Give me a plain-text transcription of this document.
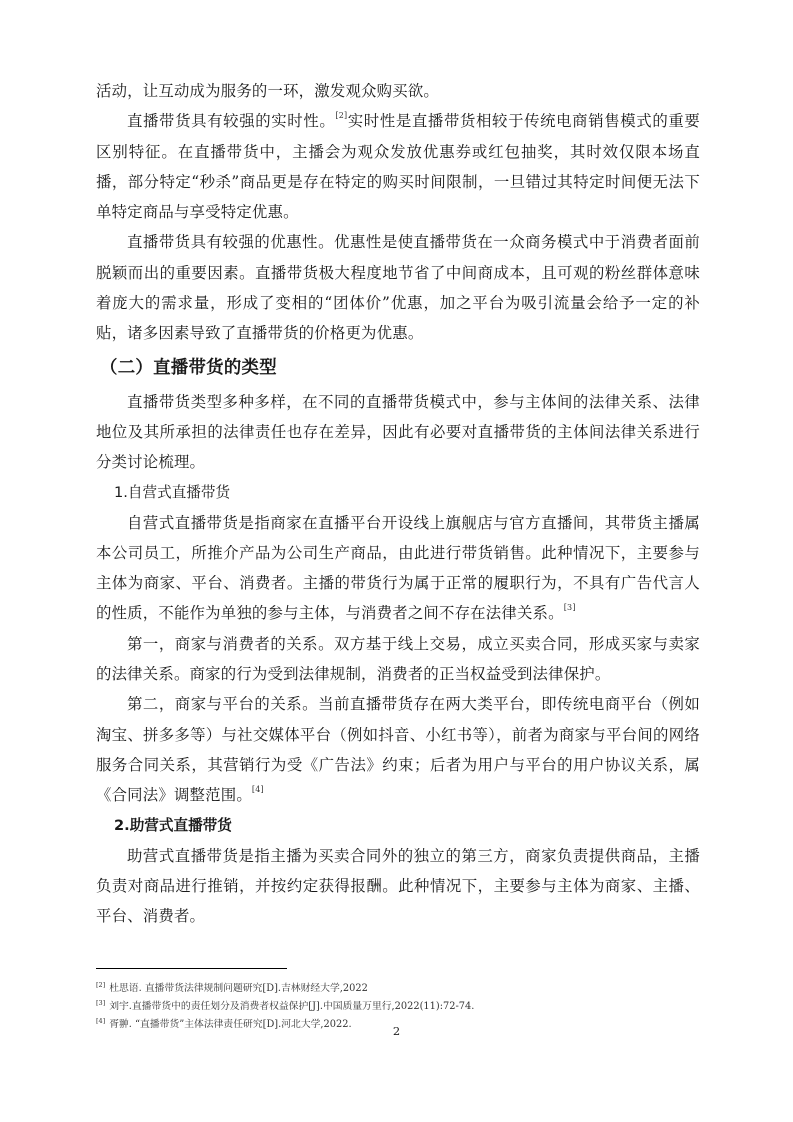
活动，让互动成为服务的一环，激发观众购买欲。

直播带货具有较强的实时性。[2]实时性是直播带货相较于传统电商销售模式的重要区别特征。在直播带货中，主播会为观众发放优惠券或红包抽奖，其时效仅限本场直播，部分特定“秒杀”商品更是存在特定的购买时间限制，一旦错过其特定时间便无法下单特定商品与享受特定优惠。

直播带货具有较强的优惠性。优惠性是使直播带货在一众商务模式中于消费者面前脱颖而出的重要因素。直播带货极大程度地节省了中间商成本，且可观的粉丝群体意味着庞大的需求量，形成了变相的“团体价”优惠，加之平台为吸引流量会给予一定的补贴，诸多因素导致了直播带货的价格更为优惠。

（二）直播带货的类型

直播带货类型多种多样，在不同的直播带货模式中，参与主体间的法律关系、法律地位及其所承担的法律责任也存在差异，因此有必要对直播带货的主体间法律关系进行分类讨论梳理。

1.自营式直播带货

自营式直播带货是指商家在直播平台开设线上旗舰店与官方直播间，其带货主播属本公司员工，所推介产品为公司生产商品，由此进行带货销售。此种情况下，主要参与主体为商家、平台、消费者。主播的带货行为属于正常的履职行为，不具有广告代言人的性质，不能作为单独的参与主体，与消费者之间不存在法律关系。[3]

第一，商家与消费者的关系。双方基于线上交易，成立买卖合同，形成买家与卖家的法律关系。商家的行为受到法律规制，消费者的正当权益受到法律保护。

第二，商家与平台的关系。当前直播带货存在两大类平台，即传统电商平台（例如淘宝、拼多多等）与社交媒体平台（例如抖音、小红书等），前者为商家与平台间的网络服务合同关系，其营销行为受《广告法》约束；后者为用户与平台的用户协议关系，属《合同法》调整范围。[4]

2.助营式直播带货

助营式直播带货是指主播为买卖合同外的独立的第三方，商家负责提供商品，主播负责对商品进行推销，并按约定获得报酬。此种情况下，主要参与主体为商家、主播、平台、消费者。

[2] 杜思语. 直播带货法律规制问题研究[D].吉林财经大学,2022
[3] 刘宇.直播带货中的责任划分及消费者权益保护[J].中国质量万里行,2022(11):72-74.
[4] 胥翀. “直播带货”主体法律责任研究[D].河北大学,2022.	2
